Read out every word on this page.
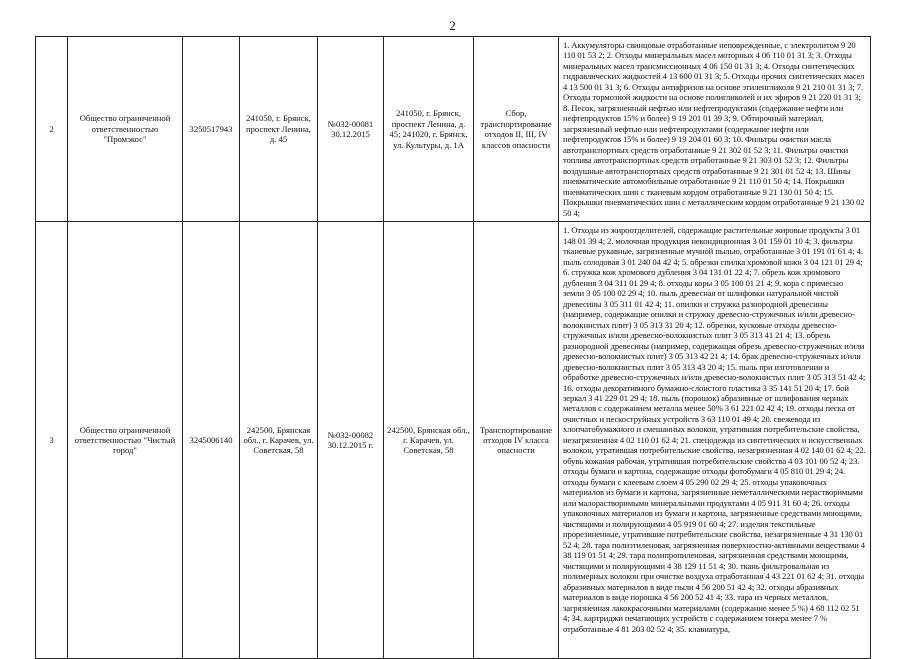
2
2	Общество ограниченной ответственностью "Промэкос"	3250517943	241050, г. Брянск, проспект Ленина, д. 45	№032-00081 30.12.2015	241050, г. Брянск, проспект Ленина, д. 45; 241020, г. Брянск, ул. Культуры, д. 1А	Сбор, транспортирование отходов II, III, IV классов опасности	1. Аккумуляторы свинцовые отработанные неповрежденные, с электролитом 9 20 110 01 53 2; 2. Отходы минеральных масел моторных 4 06 110 01 31 3; 3. Отходы минеральных масел трансмиссионных 4 06 150 01 31 3; 4. Отходы синтетических гидравлических жидкостей 4 13 600 01 31 3; 5. Отходы прочих синтетических масел 4 13 500 01 31 3; 6. Отходы антифризов на основе этиленгликоля 9 21 210 01 31 3; 7. Отходы тормозной жидкости на основе полигликолей и их эфиров 9 21 220 01 31 3; 8. Песок, загрязненный нефтью или нефтепродуктами (содержание нефти или нефтепродуктов 15% и более) 9 19 201 01 39 3; 9. Обтирочный материал, загрязненный нефтью или нефтепродуктами (содержание нефти или нефтепродуктов 15% и более) 9 19 204 01 60 3; 10. Фильтры очистки масла автотранспортных средств отработанные 9 21 302 01 52 3; 11. Фильтры очистки топлива автотранспортных средств отработанные 9 21 303 01 52 3; 12. Фильтры воздушные автотранспортных средств отработанные 9 21 301 01 52 4; 13. Шины пневматические автомобильные отработанные 9 21 110 01 50 4; 14. Покрышки пневматических шин с тканевым кордом отработанные 9 21 130 01 50 4; 15. Покрышки пневматических шин с металлическим кордом отработанные 9 21 130 02 50 4;
3	Общество ограниченной ответственностью "Чистый город"	3245006140	242500, Брянская обл., г. Карачев, ул. Советская, 58	№032-00082 30.12.2015 г.	242500, Брянская обл., г. Карачев, ул. Советская, 58	Транспортирование отходов IV класса опасности	1. Отходы из жироотделителей, содержащие растительные жировые продукты 3 01 148 01 39 4; 2. молочная продукция некондиционная 3 01 159 01 10 4; 3. фильтры тканевые рукавные, загрязненные мучной пылью, отработанные 3 01 191 01 61 4; 4. пыль солодовая 3 01 240 04 42 4; 5. обрезки спилка хромовой кожи 3 04 121 01 29 4; 6. стружка кож хромового дубления 3 04 131 01 22 4; 7. обрезь кож хромового дубления 3 04 311 01 29 4; 8. отходы коры 3 05 100 01 21 4; 9. кора с примесью земли 3 05 100 02 29 4; 10. пыль древесная от шлифовки натуральной чистой древесины 3 05 311 01 42 4; 11. опилки и стружка разнородной древесины (например, содержащие опилки и стружку древесно-стружечных и/или древесно-волокнистых плит) 3 05 313 31 20 4; 12. обрезки, кусковые отходы древесно-стружечных и/или древесно-волокнистых плит 3 05 313 41 21 4; 13. обрезь разнородной древесины (например, содержащая обрезь древесно-стружечных и/или древесно-волокнистых плит) 3 05 313 42 21 4; 14. брак древесно-стружечных и/или древесно-волокнистых плит 3 05 313 43 20 4; 15. пыль при изготовлении и обработке древесно-стружечных и/или древесно-волокнистых плит 3 05 313 51 42 4; 16. отходы декоративного бумажно-слоистого пластика 3 35 141 51 20 4; 17. бой зеркал 3 41 229 01 29 4; 18. пыль (порошок) абразивные от шлифования черных металлов с содержанием металла менее 50% 3 61 221 02 42 4; 19. отходы песка от очистных и пескоструйных устройств 3 63 110 01 49 4; 20. свежевода из хлопчатобумажного и смешанных волокон, утратившая потребительские свойства, незагрязненная 4 02 110 01 62 4; 21. спецодежда из синтетических и искусственных волокон, утратившая потребительские свойства, незагрязненная 4 02 140 01 62 4; 22. обувь кожаная рабочая, утратившая потребительские свойства 4 03 101 00 52 4; 23. отходы бумаги и картона, содержащие отходы фотобумаги 4 05 810 01 29 4; 24. отходы бумаги с клеевым слоем 4 05 290 02 29 4; 25. отходы упаковочных материалов из бумаги и картона, загрязненные неметаллическими нерастворимыми или малорастворимыми минеральными продуктами 4 05 911 31 60 4; 26. отходы упаковочных материалов из бумаги и картона, загрязненные средствами моющими, чистящими и полирующими 4 05 919 01 60 4; 27. изделия текстильные прорезиненные, утратившие потребительские свойства, незагрязненные 4 31 130 01 52 4; 28. тара полиэтиленовая, загрязненная поверхностно-активными веществами 4 38 119 01 51 4; 29. тара полипропиленовая, загрязненная средствами моющими, чистящими и полирующими 4 38 129 11 51 4; 30. ткань фильтровальная из полимерных волокон при очистке воздуха отработанная 4 43 221 01 62 4; 31. отходы абразивных материалов в виде пыли 4 56 200 51 42 4; 32. отходы абразивных материалов в виде порошка 4 56 200 52 41 4; 33. тара из черных металлов, загрязненная лакокрасочными материалами (содержание менее 5 %) 4 68 112 02 51 4; 34. картриджи печатающих устройств с содержанием тонера менее 7 % отработанные 4 81 203 02 52 4; 35. клавиатура,
